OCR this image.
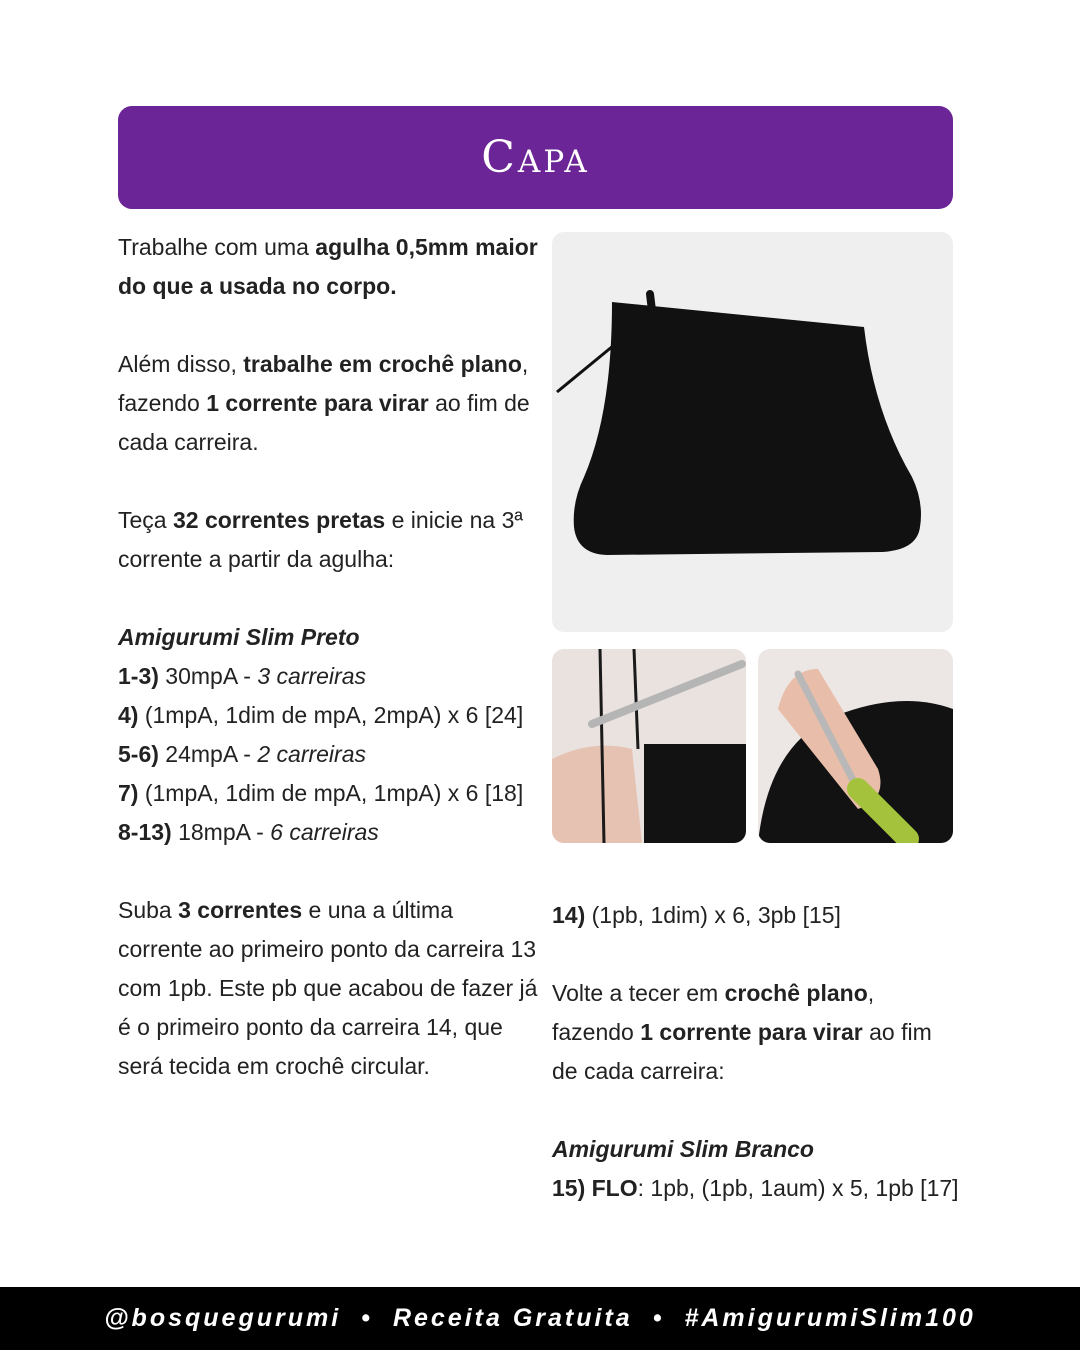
Capa

Trabalhe com uma agulha 0,5mm maior do que a usada no corpo.

Além disso, trabalhe em crochê plano, fazendo 1 corrente para virar ao fim de cada carreira.

Teça 32 correntes pretas e inicie na 3ª corrente a partir da agulha:

Amigurumi Slim Preto

1-3) 30mpA - 3 carreiras

4) (1mpA, 1dim de mpA, 2mpA) x 6 [24]

5-6) 24mpA - 2 carreiras

7) (1mpA, 1dim de mpA, 1mpA) x 6 [18]

8-13) 18mpA - 6 carreiras

Suba 3 correntes e una a última corrente ao primeiro ponto da carreira 13 com 1pb. Este pb que acabou de fazer já é o primeiro ponto da carreira 14, que será tecida em crochê circular.

14) (1pb, 1dim) x 6, 3pb [15]

Volte a tecer em crochê plano, fazendo 1 corrente para virar ao fim de cada carreira:

Amigurumi Slim Branco

15) FLO: 1pb, (1pb, 1aum) x 5, 1pb [17]

@bosquegurumi • Receita Gratuita • #AmigurumiSlim100
